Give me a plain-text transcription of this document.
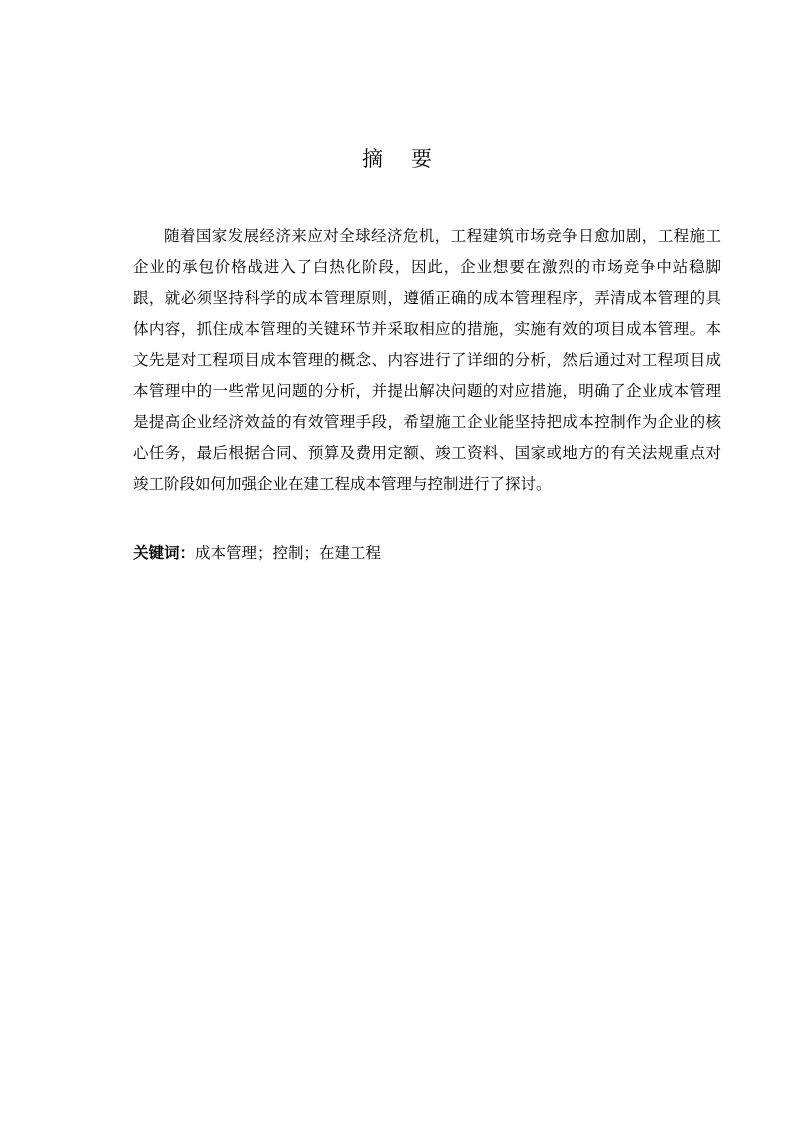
摘要

随着国家发展经济来应对全球经济危机，工程建筑市场竞争日愈加剧，工程施工企业的承包价格战进入了白热化阶段，因此，企业想要在激烈的市场竞争中站稳脚跟，就必须坚持科学的成本管理原则，遵循正确的成本管理程序，弄清成本管理的具体内容，抓住成本管理的关键环节并采取相应的措施，实施有效的项目成本管理。本文先是对工程项目成本管理的概念、内容进行了详细的分析，然后通过对工程项目成本管理中的一些常见问题的分析，并提出解决问题的对应措施，明确了企业成本管理是提高企业经济效益的有效管理手段，希望施工企业能坚持把成本控制作为企业的核心任务，最后根据合同、预算及费用定额、竣工资料、国家或地方的有关法规重点对竣工阶段如何加强企业在建工程成本管理与控制进行了探讨。

关键词：成本管理；控制；在建工程
